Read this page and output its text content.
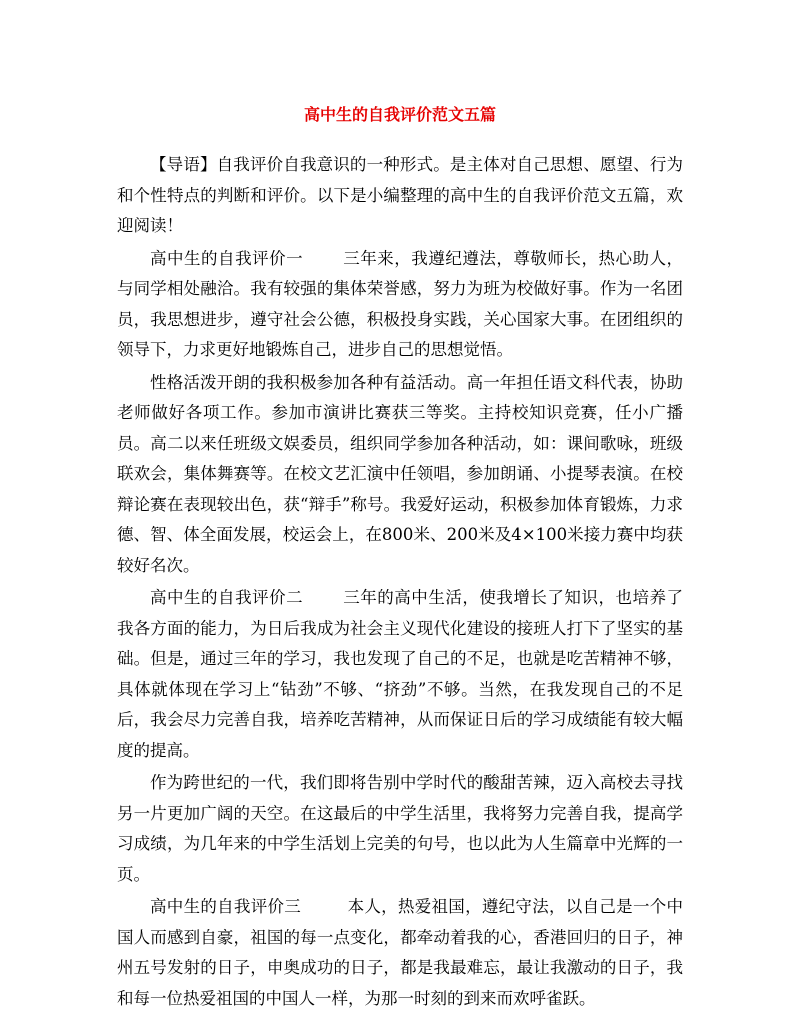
高中生的自我评价范文五篇

【导语】自我评价自我意识的一种形式。是主体对自己思想、愿望、行为和个性特点的判断和评价。以下是小编整理的高中生的自我评价范文五篇，欢迎阅读！

高中生的自我评价一 三年来，我遵纪遵法，尊敬师长，热心助人，与同学相处融洽。我有较强的集体荣誉感，努力为班为校做好事。作为一名团员，我思想进步，遵守社会公德，积极投身实践，关心国家大事。在团组织的领导下，力求更好地锻炼自己，进步自己的思想觉悟。

性格活泼开朗的我积极参加各种有益活动。高一年担任语文科代表，协助老师做好各项工作。参加市演讲比赛获三等奖。主持校知识竞赛，任小广播员。高二以来任班级文娱委员，组织同学参加各种活动，如：课间歌咏，班级联欢会，集体舞赛等。在校文艺汇演中任领唱，参加朗诵、小提琴表演。在校辩论赛在表现较出色，获“辩手”称号。我爱好运动，积极参加体育锻炼，力求德、智、体全面发展，校运会上，在800米、200米及4×100米接力赛中均获较好名次。

高中生的自我评价二 三年的高中生活，使我增长了知识，也培养了我各方面的能力，为日后我成为社会主义现代化建设的接班人打下了坚实的基础。但是，通过三年的学习，我也发现了自己的不足，也就是吃苦精神不够，具体就体现在学习上“钻劲”不够、“挤劲”不够。当然，在我发现自己的不足后，我会尽力完善自我，培养吃苦精神，从而保证日后的学习成绩能有较大幅度的提高。

作为跨世纪的一代，我们即将告别中学时代的酸甜苦辣，迈入高校去寻找另一片更加广阔的天空。在这最后的中学生活里，我将努力完善自我，提高学习成绩，为几年来的中学生活划上完美的句号，也以此为人生篇章中光辉的一页。

高中生的自我评价三	本人，热爱祖国，遵纪守法，以自己是一个中国人而感到自豪，祖国的每一点变化，都牵动着我的心，香港回归的日子，神州五号发射的日子，申奥成功的日子，都是我最难忘，最让我激动的日子，我和每一位热爱祖国的中国人一样，为那一时刻的到来而欢呼雀跃。
